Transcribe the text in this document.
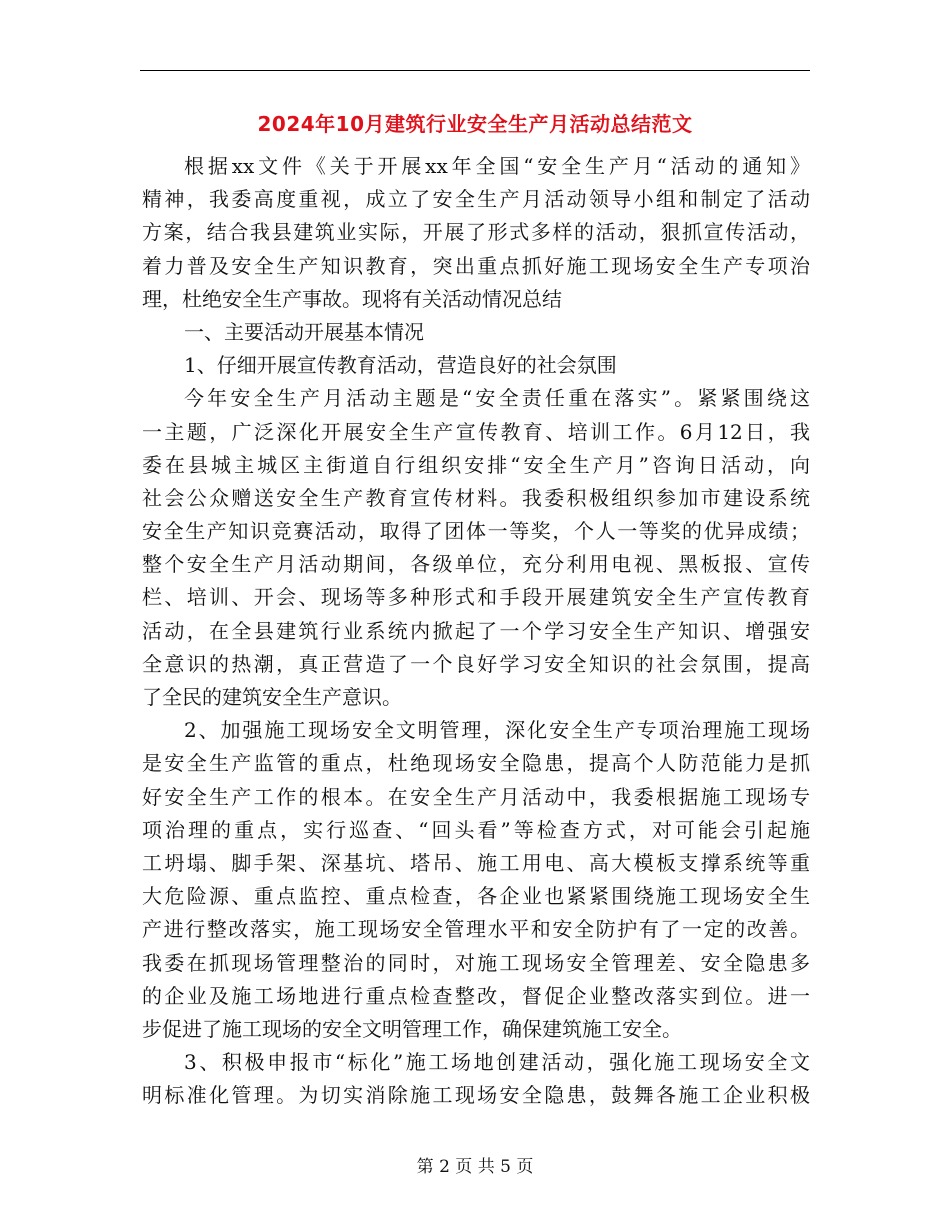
2024年10月建筑行业安全生产月活动总结范文
根据xx文件《关于开展xx年全国“安全生产月“活动的通知》
精神，我委高度重视，成立了安全生产月活动领导小组和制定了活动
方案，结合我县建筑业实际，开展了形式多样的活动，狠抓宣传活动，
着力普及安全生产知识教育，突出重点抓好施工现场安全生产专项治
理，杜绝安全生产事故。现将有关活动情况总结
一、主要活动开展基本情况
1、仔细开展宣传教育活动，营造良好的社会氛围
今年安全生产月活动主题是“安全责任重在落实”。紧紧围绕这
一主题，广泛深化开展安全生产宣传教育、培训工作。6月12日，我
委在县城主城区主街道自行组织安排“安全生产月”咨询日活动，向
社会公众赠送安全生产教育宣传材料。我委积极组织参加市建设系统
安全生产知识竞赛活动，取得了团体一等奖，个人一等奖的优异成绩；
整个安全生产月活动期间，各级单位，充分利用电视、黑板报、宣传
栏、培训、开会、现场等多种形式和手段开展建筑安全生产宣传教育
活动，在全县建筑行业系统内掀起了一个学习安全生产知识、增强安
全意识的热潮，真正营造了一个良好学习安全知识的社会氛围，提高
了全民的建筑安全生产意识。
2、加强施工现场安全文明管理，深化安全生产专项治理施工现场
是安全生产监管的重点，杜绝现场安全隐患，提高个人防范能力是抓
好安全生产工作的根本。在安全生产月活动中，我委根据施工现场专
项治理的重点，实行巡查、“回头看”等检查方式，对可能会引起施
工坍塌、脚手架、深基坑、塔吊、施工用电、高大模板支撑系统等重
大危险源、重点监控、重点检查，各企业也紧紧围绕施工现场安全生
产进行整改落实，施工现场安全管理水平和安全防护有了一定的改善。
我委在抓现场管理整治的同时，对施工现场安全管理差、安全隐患多
的企业及施工场地进行重点检查整改，督促企业整改落实到位。进一
步促进了施工现场的安全文明管理工作，确保建筑施工安全。
3、积极申报市“标化”施工场地创建活动，强化施工现场安全文
明标准化管理。为切实消除施工现场安全隐患，鼓舞各施工企业积极
第 2 页 共 5 页
